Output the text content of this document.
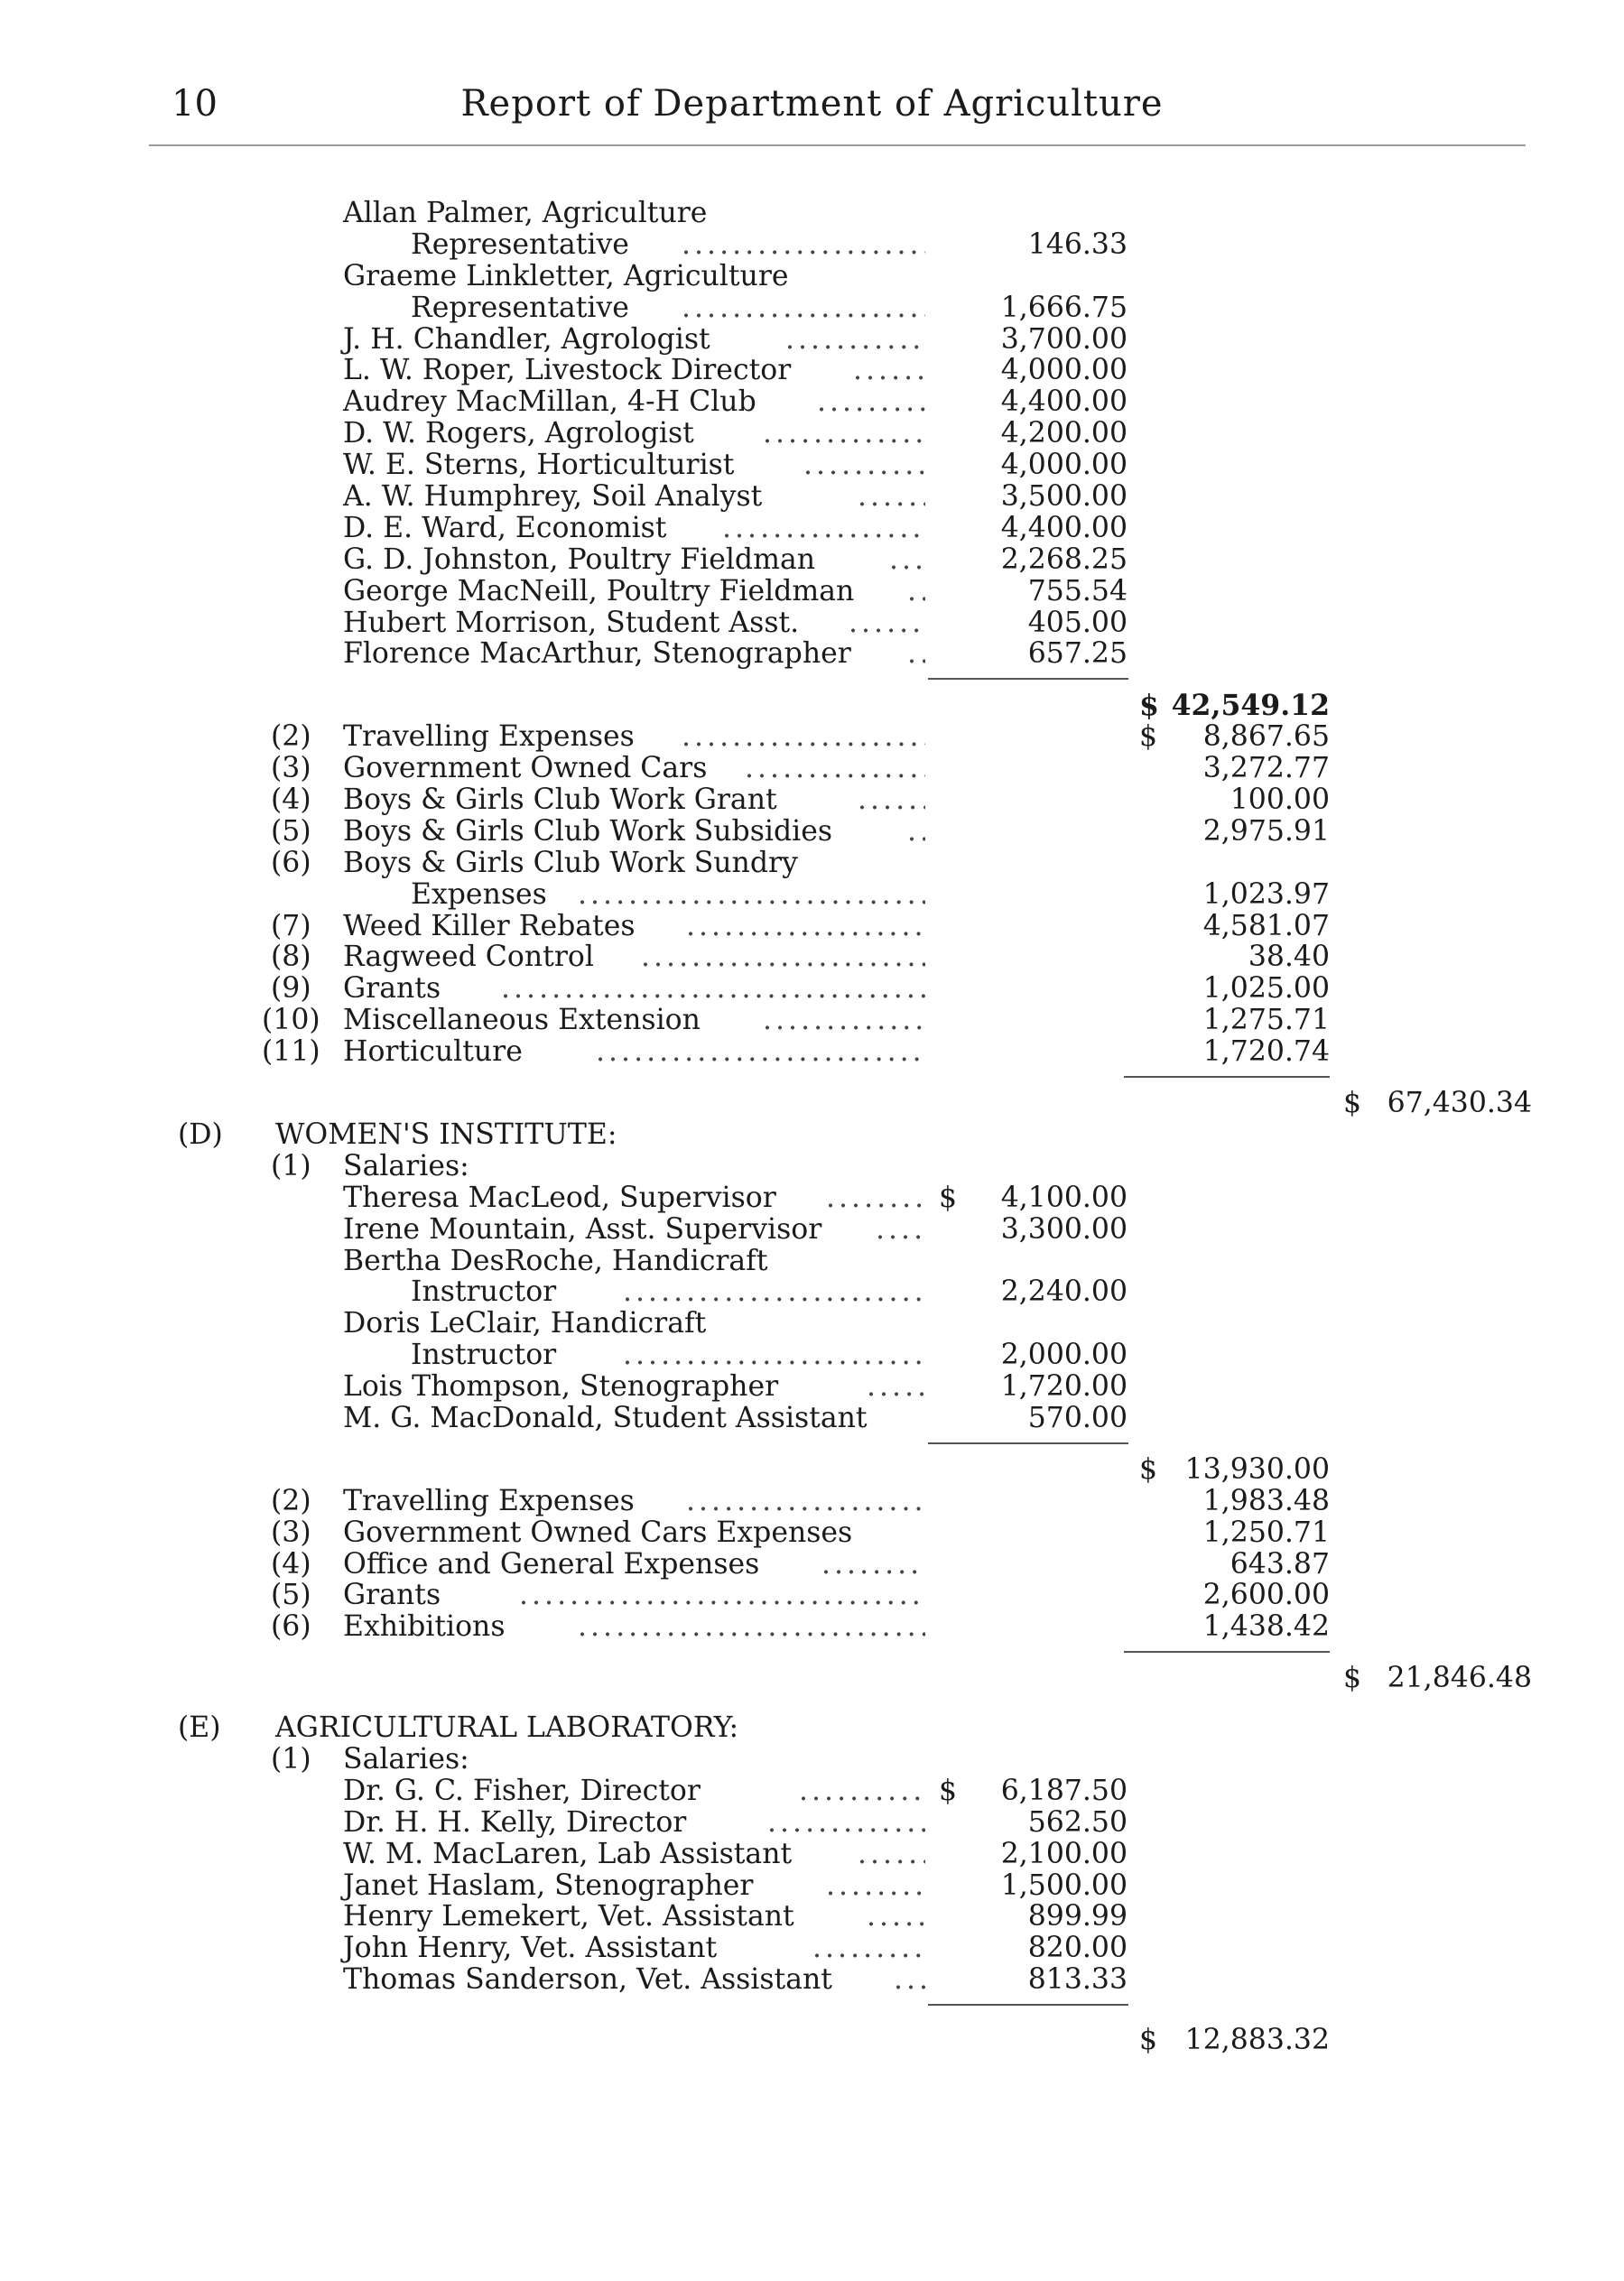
10	Report of Department of Agriculture
Allan Palmer, Agriculture
Representative . . .	146.33
Graeme Linkletter, Agriculture
Representative . . .	1,666.75
J. H. Chandler, Agrologist . . .	3,700.00
L. W. Roper, Livestock Director . . .	4,000.00
Audrey MacMillan, 4-H Club . . .	4,400.00
D. W. Rogers, Agrologist . . .	4,200.00
W. E. Sterns, Horticulturist . . .	4,000.00
A. W. Humphrey, Soil Analyst . . .	3,500.00
D. E. Ward, Economist . . .	4,400.00
G. D. Johnston, Poultry Fieldman . . .	2,268.25
George MacNeill, Poultry Fieldman . . .	755.54
Hubert Morrison, Student Asst. . . .	405.00
Florence MacArthur, Stenographer . . .	657.25
$ 42,549.12
(2) Travelling Expenses . . .	$ 8,867.65
(3) Government Owned Cars . . .	3,272.77
(4) Boys & Girls Club Work Grant . . .	100.00
(5) Boys & Girls Club Work Subsidies . . .	2,975.91
(6) Boys & Girls Club Work Sundry
Expenses . . .	1,023.97
(7) Weed Killer Rebates . . .	4,581.07
(8) Ragweed Control . . .	38.40
(9) Grants . . .	1,025.00
(10) Miscellaneous Extension . . .	1,275.71
(11) Horticulture . . .	1,720.74
$ 67,430.34
(D) WOMEN'S INSTITUTE:
(1) Salaries:
Theresa MacLeod, Supervisor . . .	$ 4,100.00
Irene Mountain, Asst. Supervisor . . .	3,300.00
Bertha DesRoche, Handicraft
Instructor . . .	2,240.00
Doris LeClair, Handicraft
Instructor . . .	2,000.00
Lois Thompson, Stenographer . . .	1,720.00
M. G. MacDonald, Student Assistant	570.00
$ 13,930.00
(2) Travelling Expenses . . .	1,983.48
(3) Government Owned Cars Expenses	1,250.71
(4) Office and General Expenses . . .	643.87
(5) Grants . . .	2,600.00
(6) Exhibitions . . .	1,438.42
$ 21,846.48
(E) AGRICULTURAL LABORATORY:
(1) Salaries:
Dr. G. C. Fisher, Director . . .	$ 6,187.50
Dr. H. H. Kelly, Director . . .	562.50
W. M. MacLaren, Lab Assistant . . .	2,100.00
Janet Haslam, Stenographer . . .	1,500.00
Henry Lemekert, Vet. Assistant . . .	899.99
John Henry, Vet. Assistant . . .	820.00
Thomas Sanderson, Vet. Assistant . . .	813.33
$ 12,883.32
